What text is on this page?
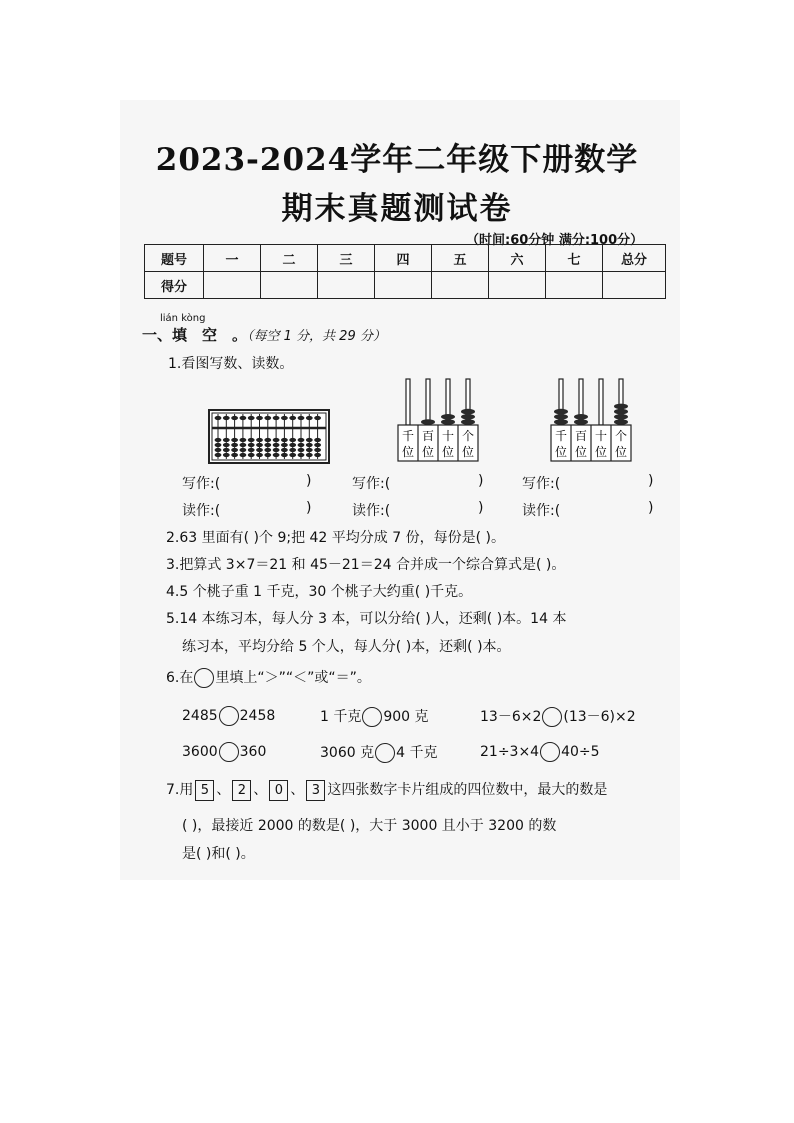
2023-2024学年二年级下册数学
期末真题测试卷
（时间:60分钟 满分:100分）
题号	一	二	三	四	五	六	七	总分
得分								
lián kòng
一、填　空　。（每空 1 分，共 29 分）
1.看图写数、读数。
千
位
百
位
十
位
个
位
千
位
百
位
十
位
个
位
写作:(	)	写作:(	)	写作:(	)
读作:(	)	读作:(	)	读作:(	)
2.63 里面有( )个 9;把 42 平均分成 7 份，每份是( )。
3.把算式 3×7＝21 和 45－21＝24 合并成一个综合算式是( )。
4.5 个桃子重 1 千克，30 个桃子大约重( )千克。
5.14 本练习本，每人分 3 本，可以分给( )人，还剩( )本。14 本
练习本，平均分给 5 个人，每人分( )本，还剩( )本。
6.在 里填上“＞”“＜”或“＝”。
2485 2458	1 千克 900 克	13－6×2 (13－6)×2
3600 360	3060 克 4 千克	21÷3×4 40÷5
7.用 5 、 2 、 0 、 3 这四张数字卡片组成的四位数中，最大的数是
( )，最接近 2000 的数是( )，大于 3000 且小于 3200 的数
是( )和( )。
